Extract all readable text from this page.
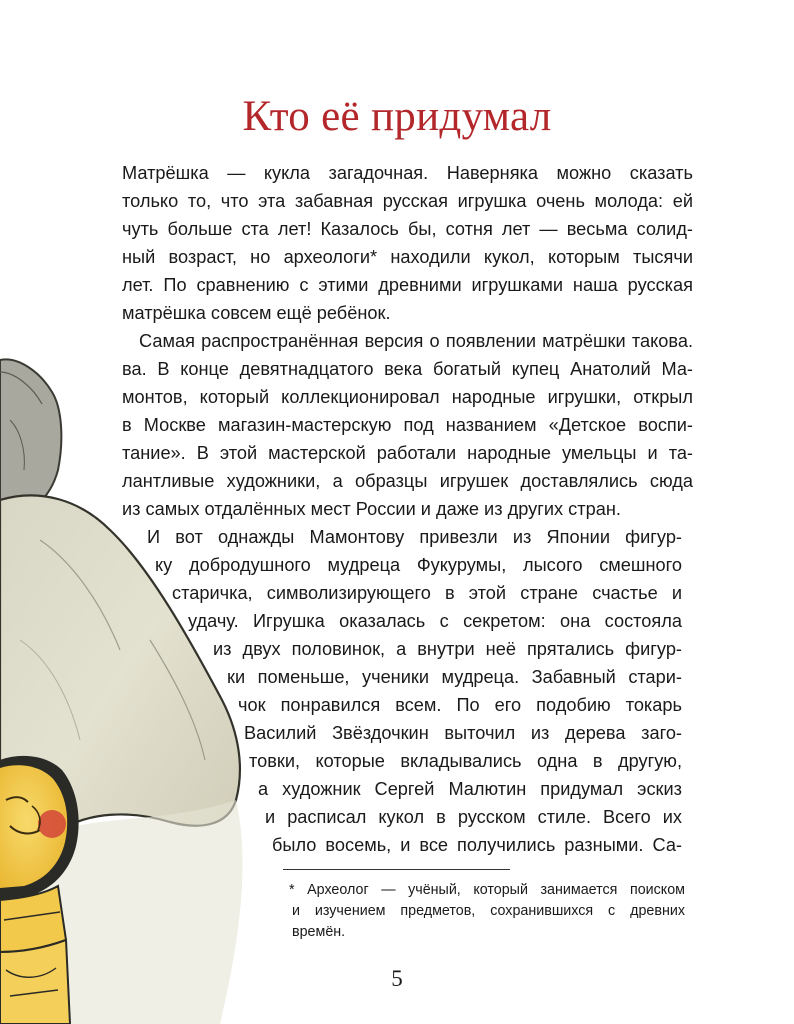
Кто её придумал
Матрёшка — кукла загадочная. Наверняка можно сказать
только то, что эта забавная русская игрушка очень молода: ей
чуть больше ста лет! Казалось бы, сотня лет — весьма солид-
ный возраст, но археологи* находили кукол, которым тысячи
лет. По сравнению с этими древними игрушками наша русская
матрёшка совсем ещё ребёнок.
Самая распространённая версия о появлении матрёшки такова.
ва. В конце девятнадцатого века богатый купец Анатолий Ма-
монтов, который коллекционировал народные игрушки, открыл
в Москве магазин-мастерскую под названием «Детское воспи-
тание». В этой мастерской работали народные умельцы и та-
лантливые художники, а образцы игрушек доставлялись сюда
из самых отдалённых мест России и даже из других стран.
И вот однажды Мамонтову привезли из Японии фигур-
ку добродушного мудреца Фукурумы, лысого смешного
старичка, символизирующего в этой стране счастье и
удачу. Игрушка оказалась с секретом: она состояла
из двух половинок, а внутри неё прятались фигур-
ки поменьше, ученики мудреца. Забавный стари-
чок понравился всем. По его подобию токарь
Василий Звёздочкин выточил из дерева заго-
товки, которые вкладывались одна в другую,
а художник Сергей Малютин придумал эскиз
и расписал кукол в русском стиле. Всего их
было восемь, и все получились разными. Са-
* Археолог — учёный, который занимается поиском
и изучением предметов, сохранившихся с древних
времён.
5
